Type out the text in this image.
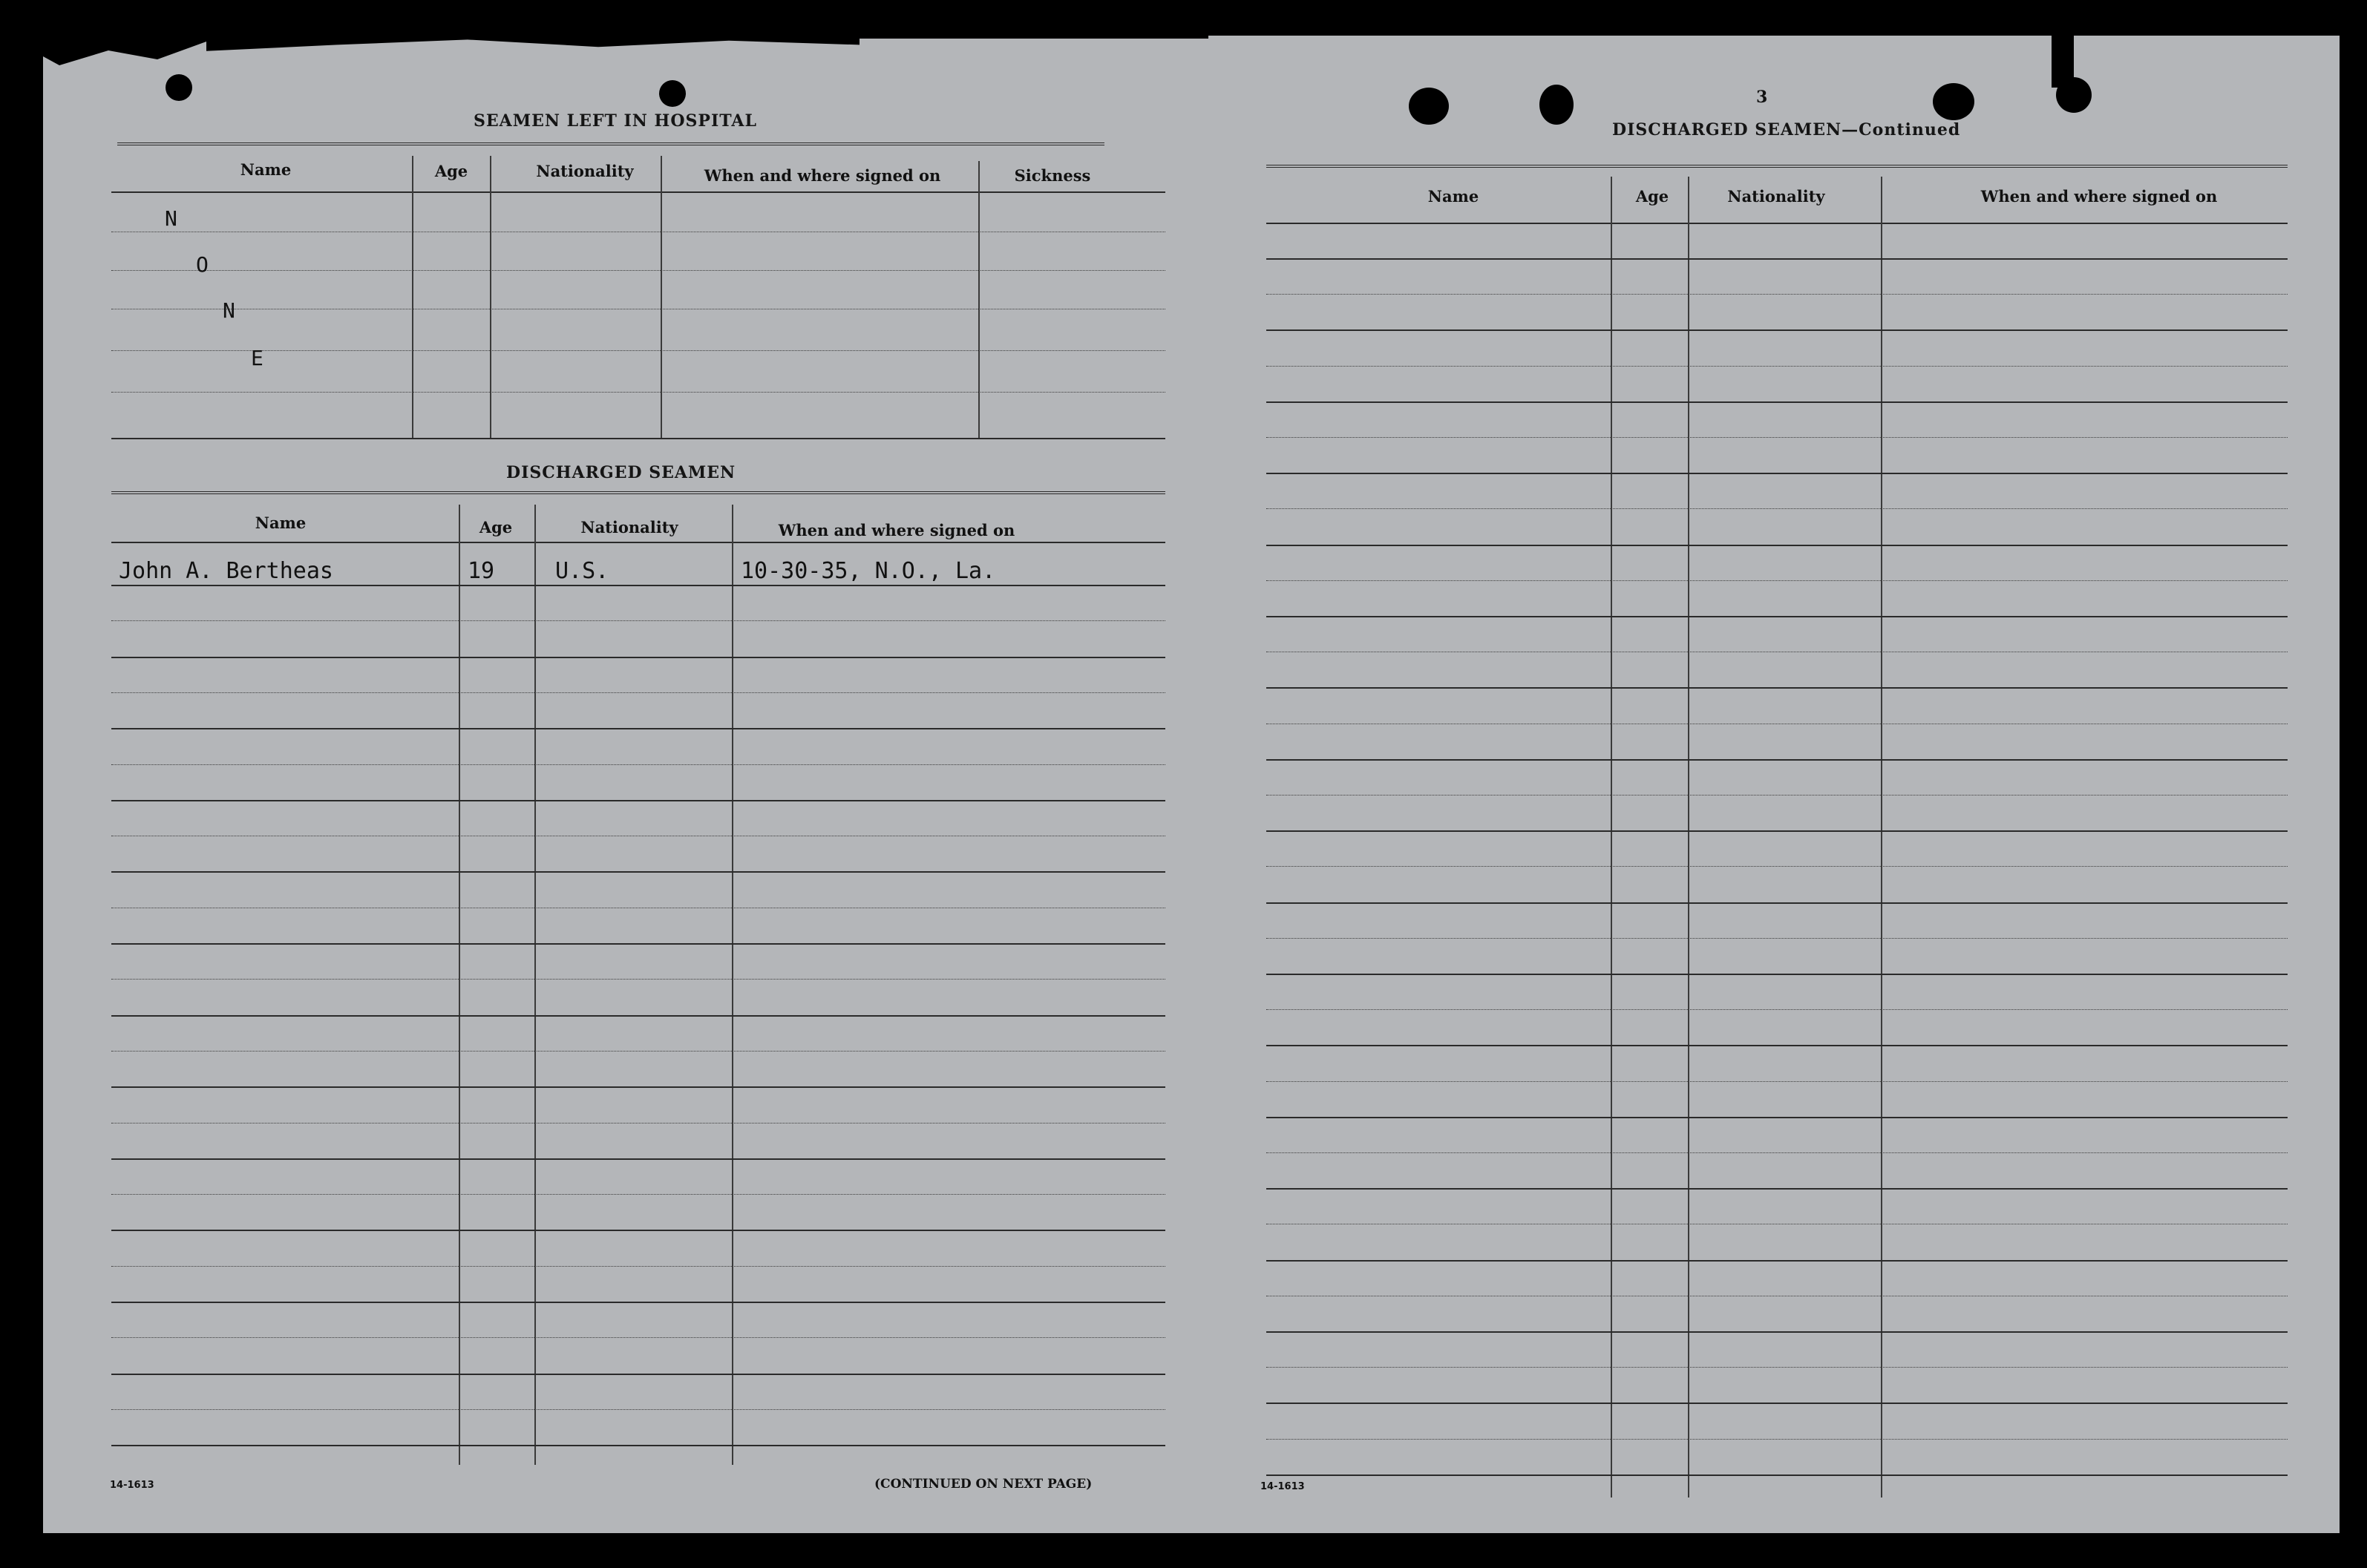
SEAMEN LEFT IN HOSPITAL
Name	Age	Nationality	When and where signed on	Sickness
N
O
N
E
DISCHARGED SEAMEN
Name	Age	Nationality	When and where signed on
John A. Bertheas	19	U.S.	10-30-35, N.O., La.
14-1613	(CONTINUED ON NEXT PAGE)
3
DISCHARGED SEAMEN—Continued
Name	Age	Nationality	When and where signed on
14-1613
